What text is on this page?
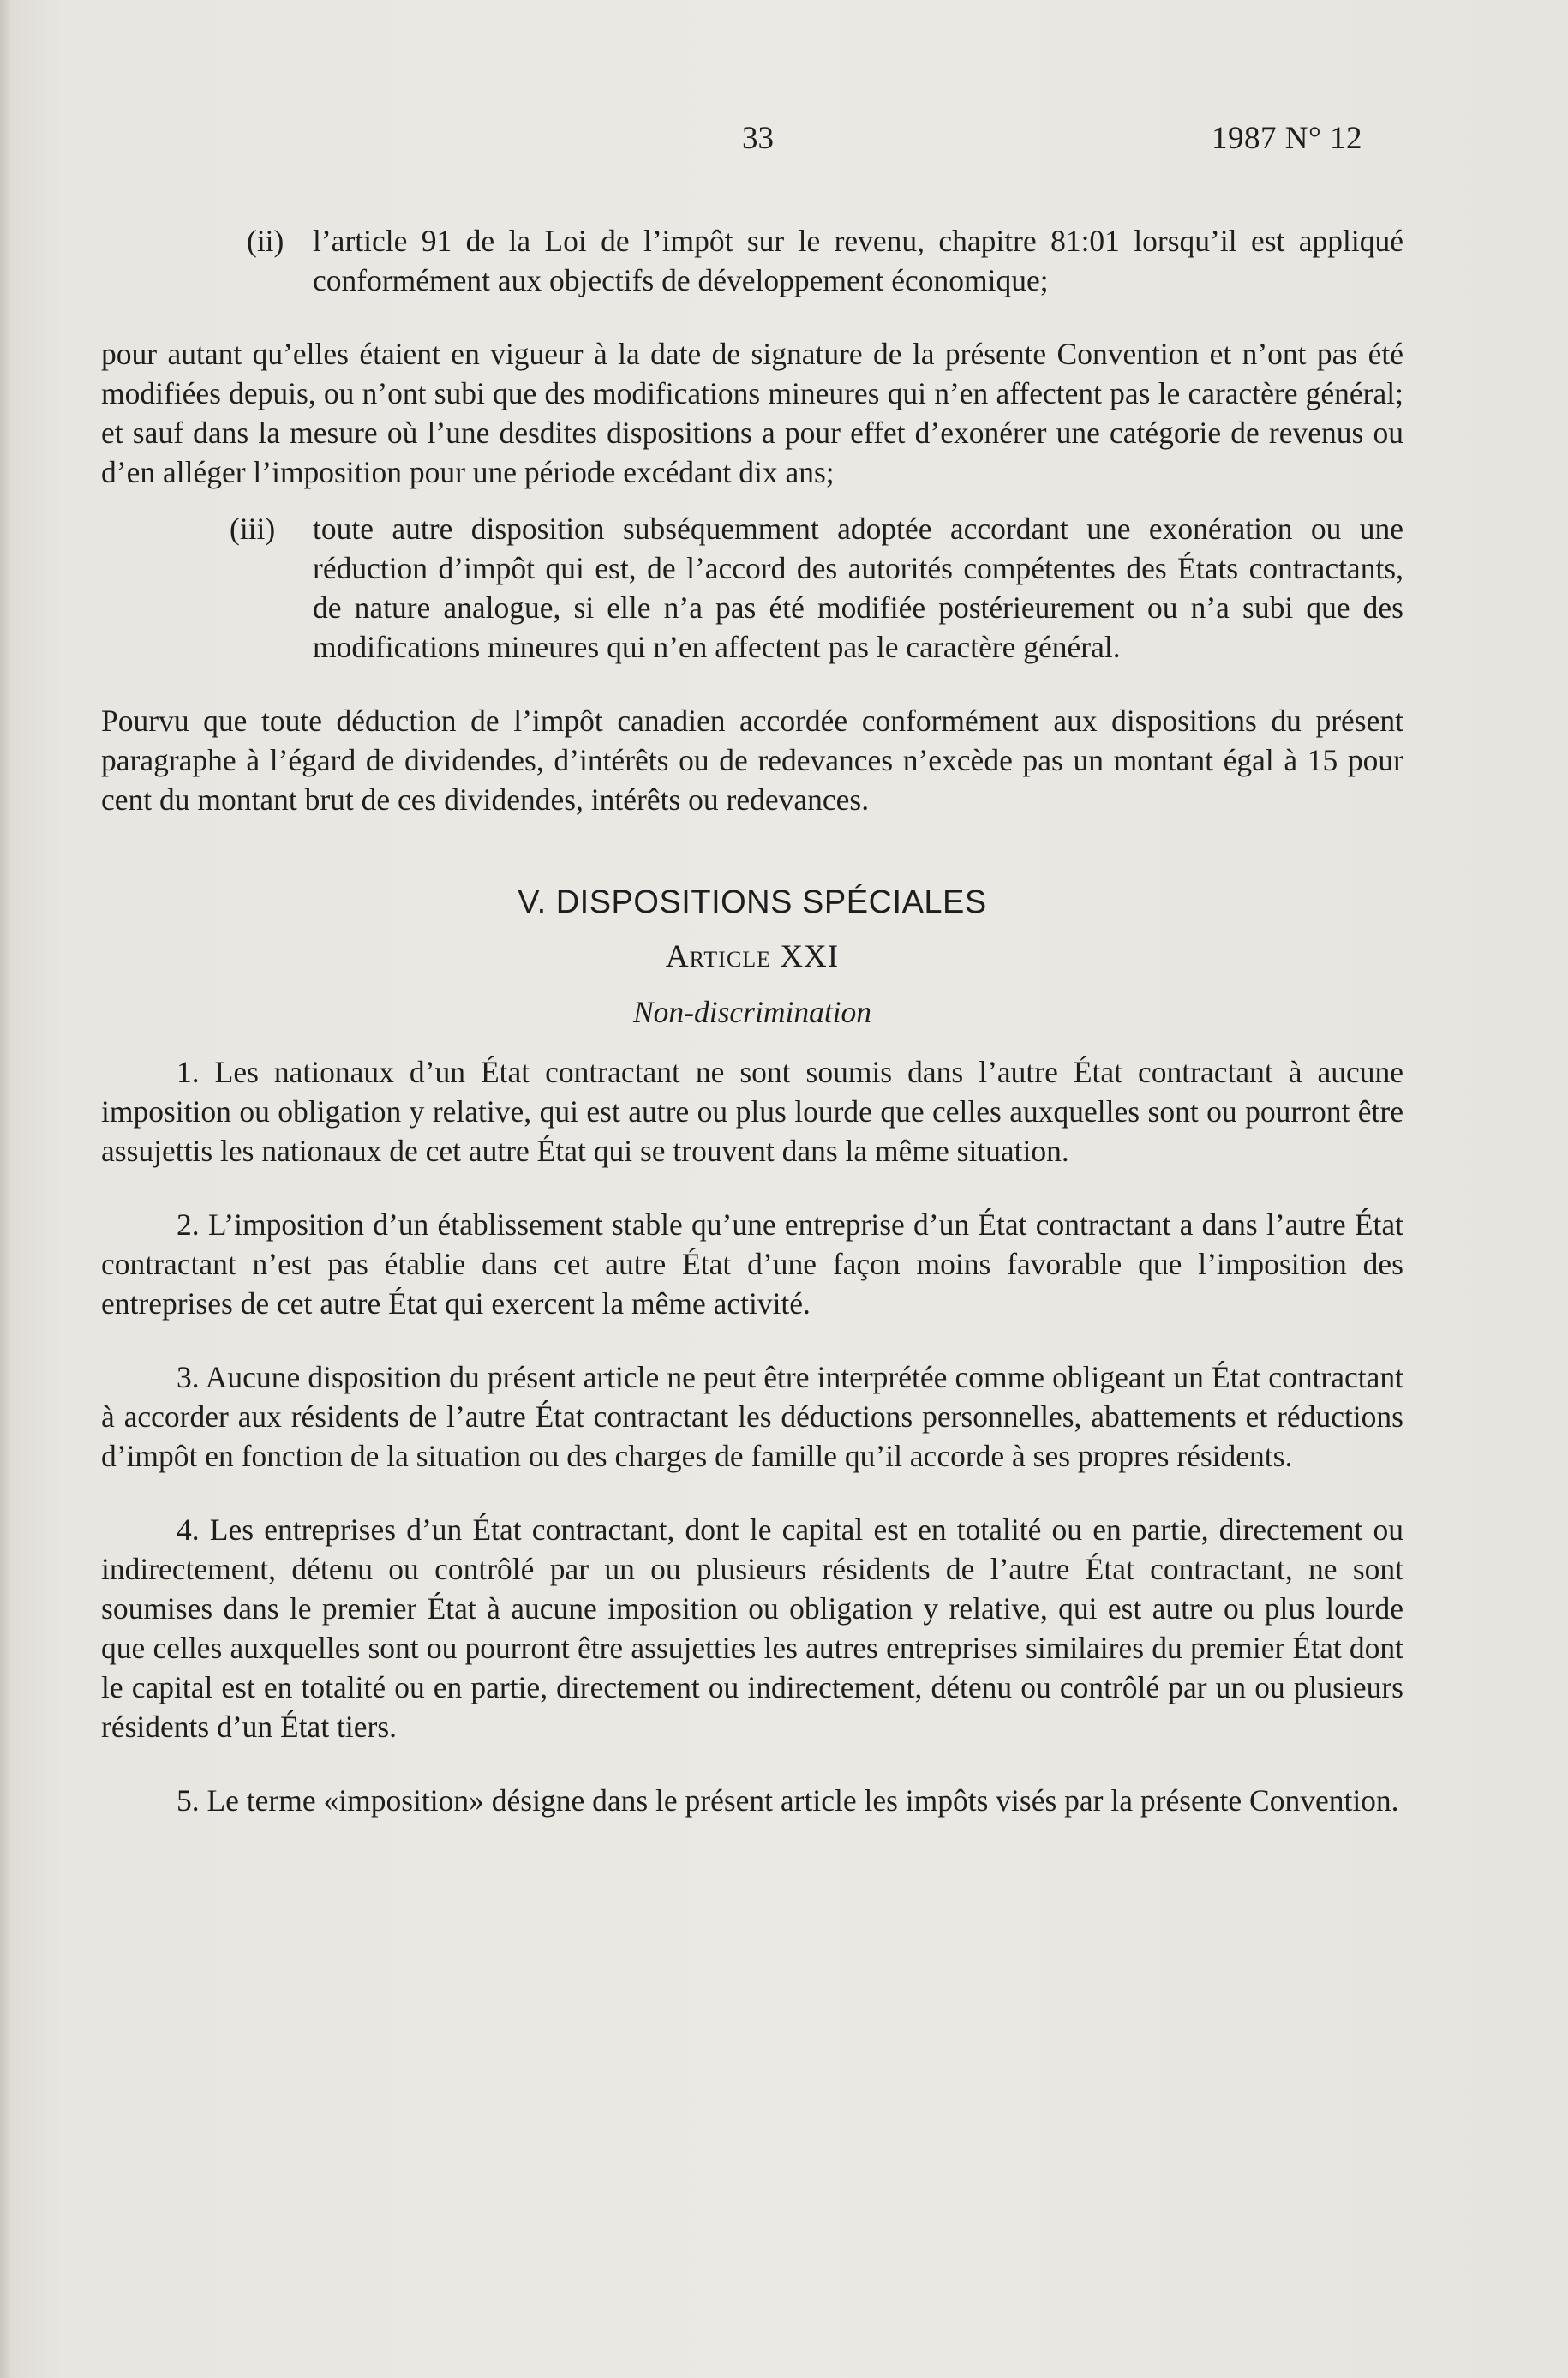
33	1987 N° 12
(ii) l’article 91 de la Loi de l’impôt sur le revenu, chapitre 81:01 lorsqu’il est appliqué conformément aux objectifs de développement économique;

pour autant qu’elles étaient en vigueur à la date de signature de la présente Convention et n’ont pas été modifiées depuis, ou n’ont subi que des modifications mineures qui n’en affectent pas le caractère général; et sauf dans la mesure où l’une desdites dispositions a pour effet d’exonérer une catégorie de revenus ou d’en alléger l’imposition pour une période excédant dix ans;

(iii)	toute autre disposition subséquemment adoptée accordant une exonération ou une réduction d’impôt qui est, de l’accord des autorités compétentes des États contractants, de nature analogue, si elle n’a pas été modifiée postérieurement ou n’a subi que des modifications mineures qui n’en affectent pas le caractère général.

Pourvu que toute déduction de l’impôt canadien accordée conformément aux dispositions du présent paragraphe à l’égard de dividendes, d’intérêts ou de redevances n’excède pas un montant égal à 15 pour cent du montant brut de ces dividendes, intérêts ou redevances.

V. DISPOSITIONS SPÉCIALES

Article XXI

Non-discrimination

1. Les nationaux d’un État contractant ne sont soumis dans l’autre État contractant à aucune imposition ou obligation y relative, qui est autre ou plus lourde que celles auxquelles sont ou pourront être assujettis les nationaux de cet autre État qui se trouvent dans la même situation.

2. L’imposition d’un établissement stable qu’une entreprise d’un État contractant a dans l’autre État contractant n’est pas établie dans cet autre État d’une façon moins favorable que l’imposition des entreprises de cet autre État qui exercent la même activité.

3. Aucune disposition du présent article ne peut être interprétée comme obligeant un État contractant à accorder aux résidents de l’autre État contractant les déductions personnelles, abattements et réductions d’impôt en fonction de la situation ou des charges de famille qu’il accorde à ses propres résidents.

4. Les entreprises d’un État contractant, dont le capital est en totalité ou en partie, directement ou indirectement, détenu ou contrôlé par un ou plusieurs résidents de l’autre État contractant, ne sont soumises dans le premier État à aucune imposition ou obligation y relative, qui est autre ou plus lourde que celles auxquelles sont ou pourront être assujetties les autres entreprises similaires du premier État dont le capital est en totalité ou en partie, directement ou indirectement, détenu ou contrôlé par un ou plusieurs résidents d’un État tiers.

5. Le terme «imposition» désigne dans le présent article les impôts visés par la présente Convention.
